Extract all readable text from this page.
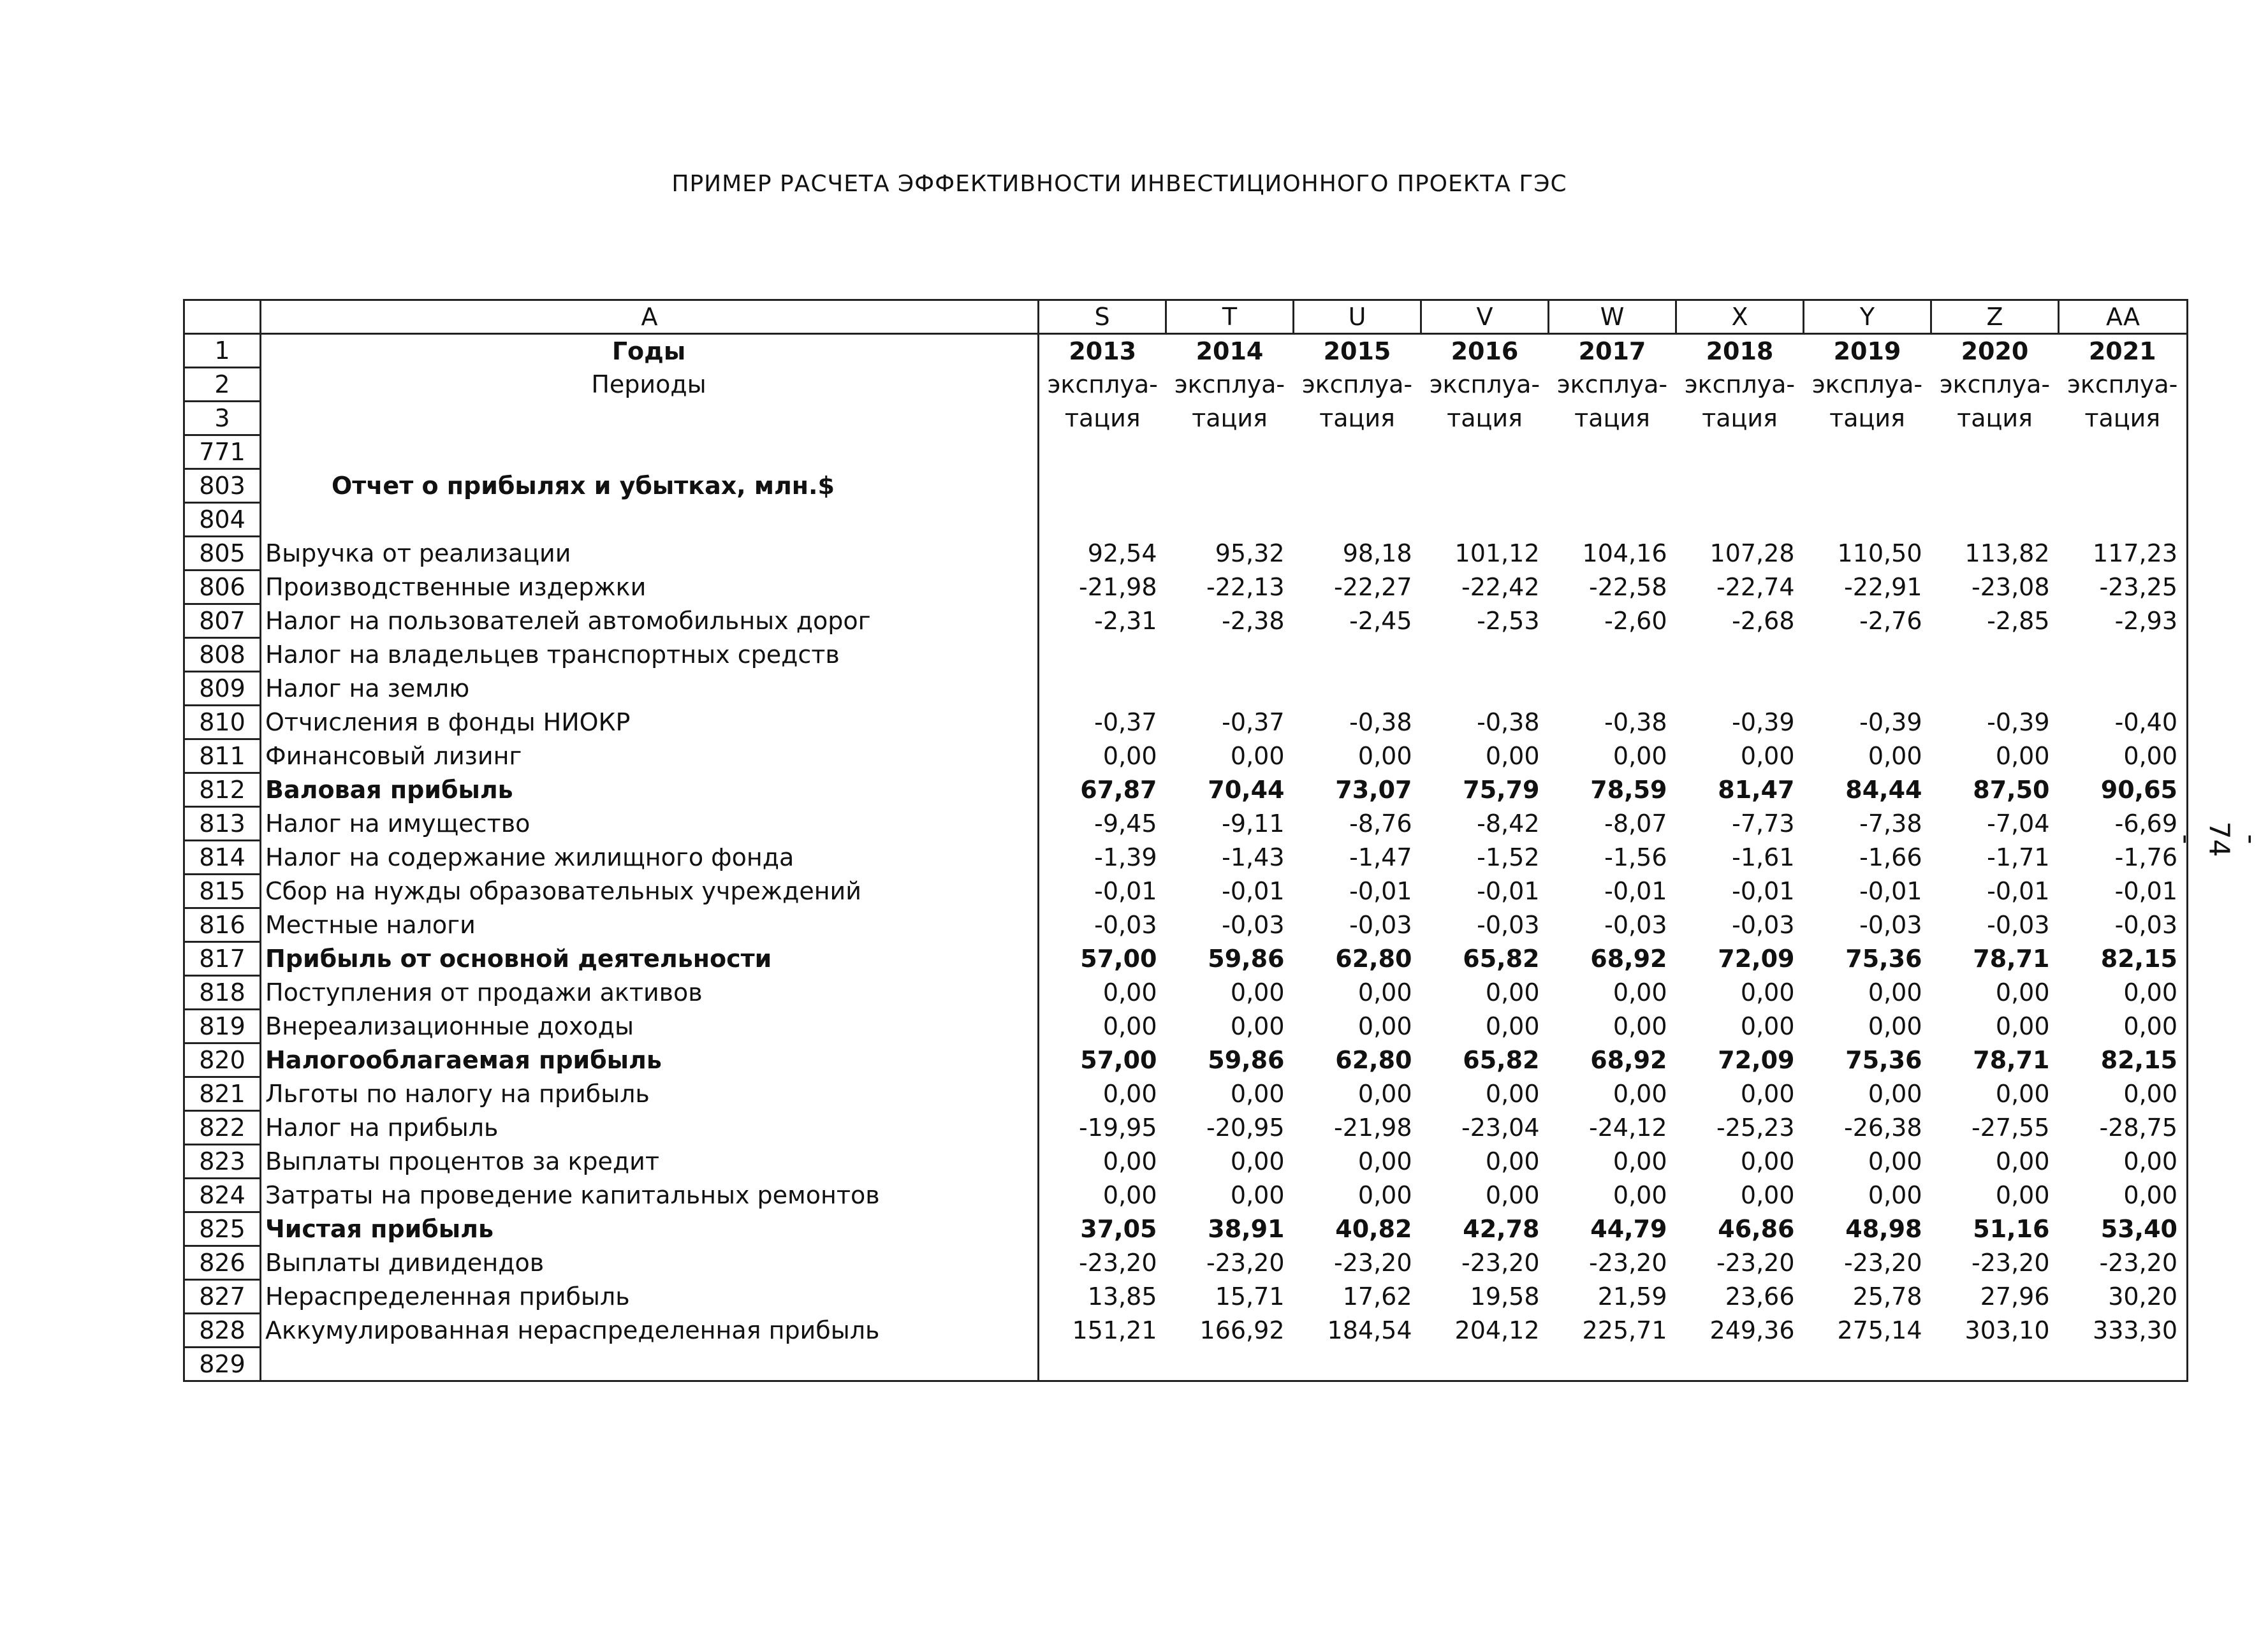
ПРИМЕР РАСЧЕТА ЭФФЕКТИВНОСТИ ИНВЕСТИЦИОННОГО ПРОЕКТА ГЭС
	A	S	T	U	V	W	X	Y	Z	AA
1	Годы	2013	2014	2015	2016	2017	2018	2019	2020	2021
2	Периоды	эксплуа-	эксплуа-	эксплуа-	эксплуа-	эксплуа-	эксплуа-	эксплуа-	эксплуа-	эксплуа-
3		тация	тация	тация	тация	тация	тация	тация	тация	тация
771										
803	Отчет о прибылях и убытках, млн.$									
804										
805	Выручка от реализации	92,54	95,32	98,18	101,12	104,16	107,28	110,50	113,82	117,23
806	Производственные издержки	-21,98	-22,13	-22,27	-22,42	-22,58	-22,74	-22,91	-23,08	-23,25
807	Налог на пользователей автомобильных дорог	-2,31	-2,38	-2,45	-2,53	-2,60	-2,68	-2,76	-2,85	-2,93
808	Налог на владельцев транспортных средств									
809	Налог на землю									
810	Отчисления в фонды НИОКР	-0,37	-0,37	-0,38	-0,38	-0,38	-0,39	-0,39	-0,39	-0,40
811	Финансовый лизинг	0,00	0,00	0,00	0,00	0,00	0,00	0,00	0,00	0,00
812	Валовая прибыль	67,87	70,44	73,07	75,79	78,59	81,47	84,44	87,50	90,65
813	Налог на имущество	-9,45	-9,11	-8,76	-8,42	-8,07	-7,73	-7,38	-7,04	-6,69
814	Налог на содержание жилищного фонда	-1,39	-1,43	-1,47	-1,52	-1,56	-1,61	-1,66	-1,71	-1,76
815	Сбор на нужды образовательных учреждений	-0,01	-0,01	-0,01	-0,01	-0,01	-0,01	-0,01	-0,01	-0,01
816	Местные налоги	-0,03	-0,03	-0,03	-0,03	-0,03	-0,03	-0,03	-0,03	-0,03
817	Прибыль от основной деятельности	57,00	59,86	62,80	65,82	68,92	72,09	75,36	78,71	82,15
818	Поступления от продажи активов	0,00	0,00	0,00	0,00	0,00	0,00	0,00	0,00	0,00
819	Внереализационные доходы	0,00	0,00	0,00	0,00	0,00	0,00	0,00	0,00	0,00
820	Налогооблагаемая прибыль	57,00	59,86	62,80	65,82	68,92	72,09	75,36	78,71	82,15
821	Льготы по налогу на прибыль	0,00	0,00	0,00	0,00	0,00	0,00	0,00	0,00	0,00
822	Налог на прибыль	-19,95	-20,95	-21,98	-23,04	-24,12	-25,23	-26,38	-27,55	-28,75
823	Выплаты процентов за кредит	0,00	0,00	0,00	0,00	0,00	0,00	0,00	0,00	0,00
824	Затраты на проведение капитальных ремонтов	0,00	0,00	0,00	0,00	0,00	0,00	0,00	0,00	0,00
825	Чистая прибыль	37,05	38,91	40,82	42,78	44,79	46,86	48,98	51,16	53,40
826	Выплаты дивидендов	-23,20	-23,20	-23,20	-23,20	-23,20	-23,20	-23,20	-23,20	-23,20
827	Нераспределенная прибыль	13,85	15,71	17,62	19,58	21,59	23,66	25,78	27,96	30,20
828	Аккумулированная нераспределенная прибыль	151,21	166,92	184,54	204,12	225,71	249,36	275,14	303,10	333,30
829										
- 74 -
